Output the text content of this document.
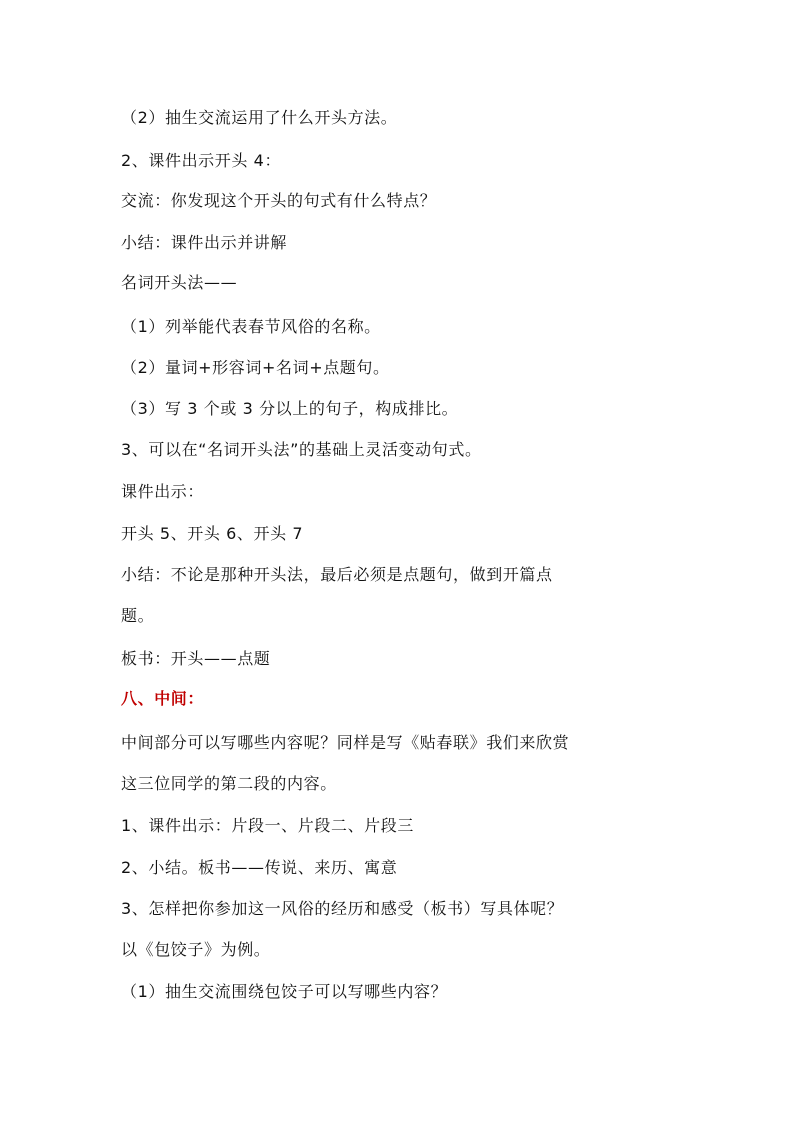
（2）抽生交流运用了什么开头方法。
2、课件出示开头 4：
交流：你发现这个开头的句式有什么特点？
小结：课件出示并讲解
名词开头法——
（1）列举能代表春节风俗的名称。
（2）量词+形容词+名词+点题句。
（3）写 3 个或 3 分以上的句子，构成排比。
3、可以在“名词开头法”的基础上灵活变动句式。
课件出示：
开头 5、开头 6、开头 7
小结：不论是那种开头法，最后必须是点题句，做到开篇点
题。
板书：开头——点题
八、中间：
中间部分可以写哪些内容呢？同样是写《贴春联》我们来欣赏
这三位同学的第二段的内容。
1、课件出示：片段一、片段二、片段三
2、小结。板书——传说、来历、寓意
3、怎样把你参加这一风俗的经历和感受（板书）写具体呢？
以《包饺子》为例。
（1）抽生交流围绕包饺子可以写哪些内容？
